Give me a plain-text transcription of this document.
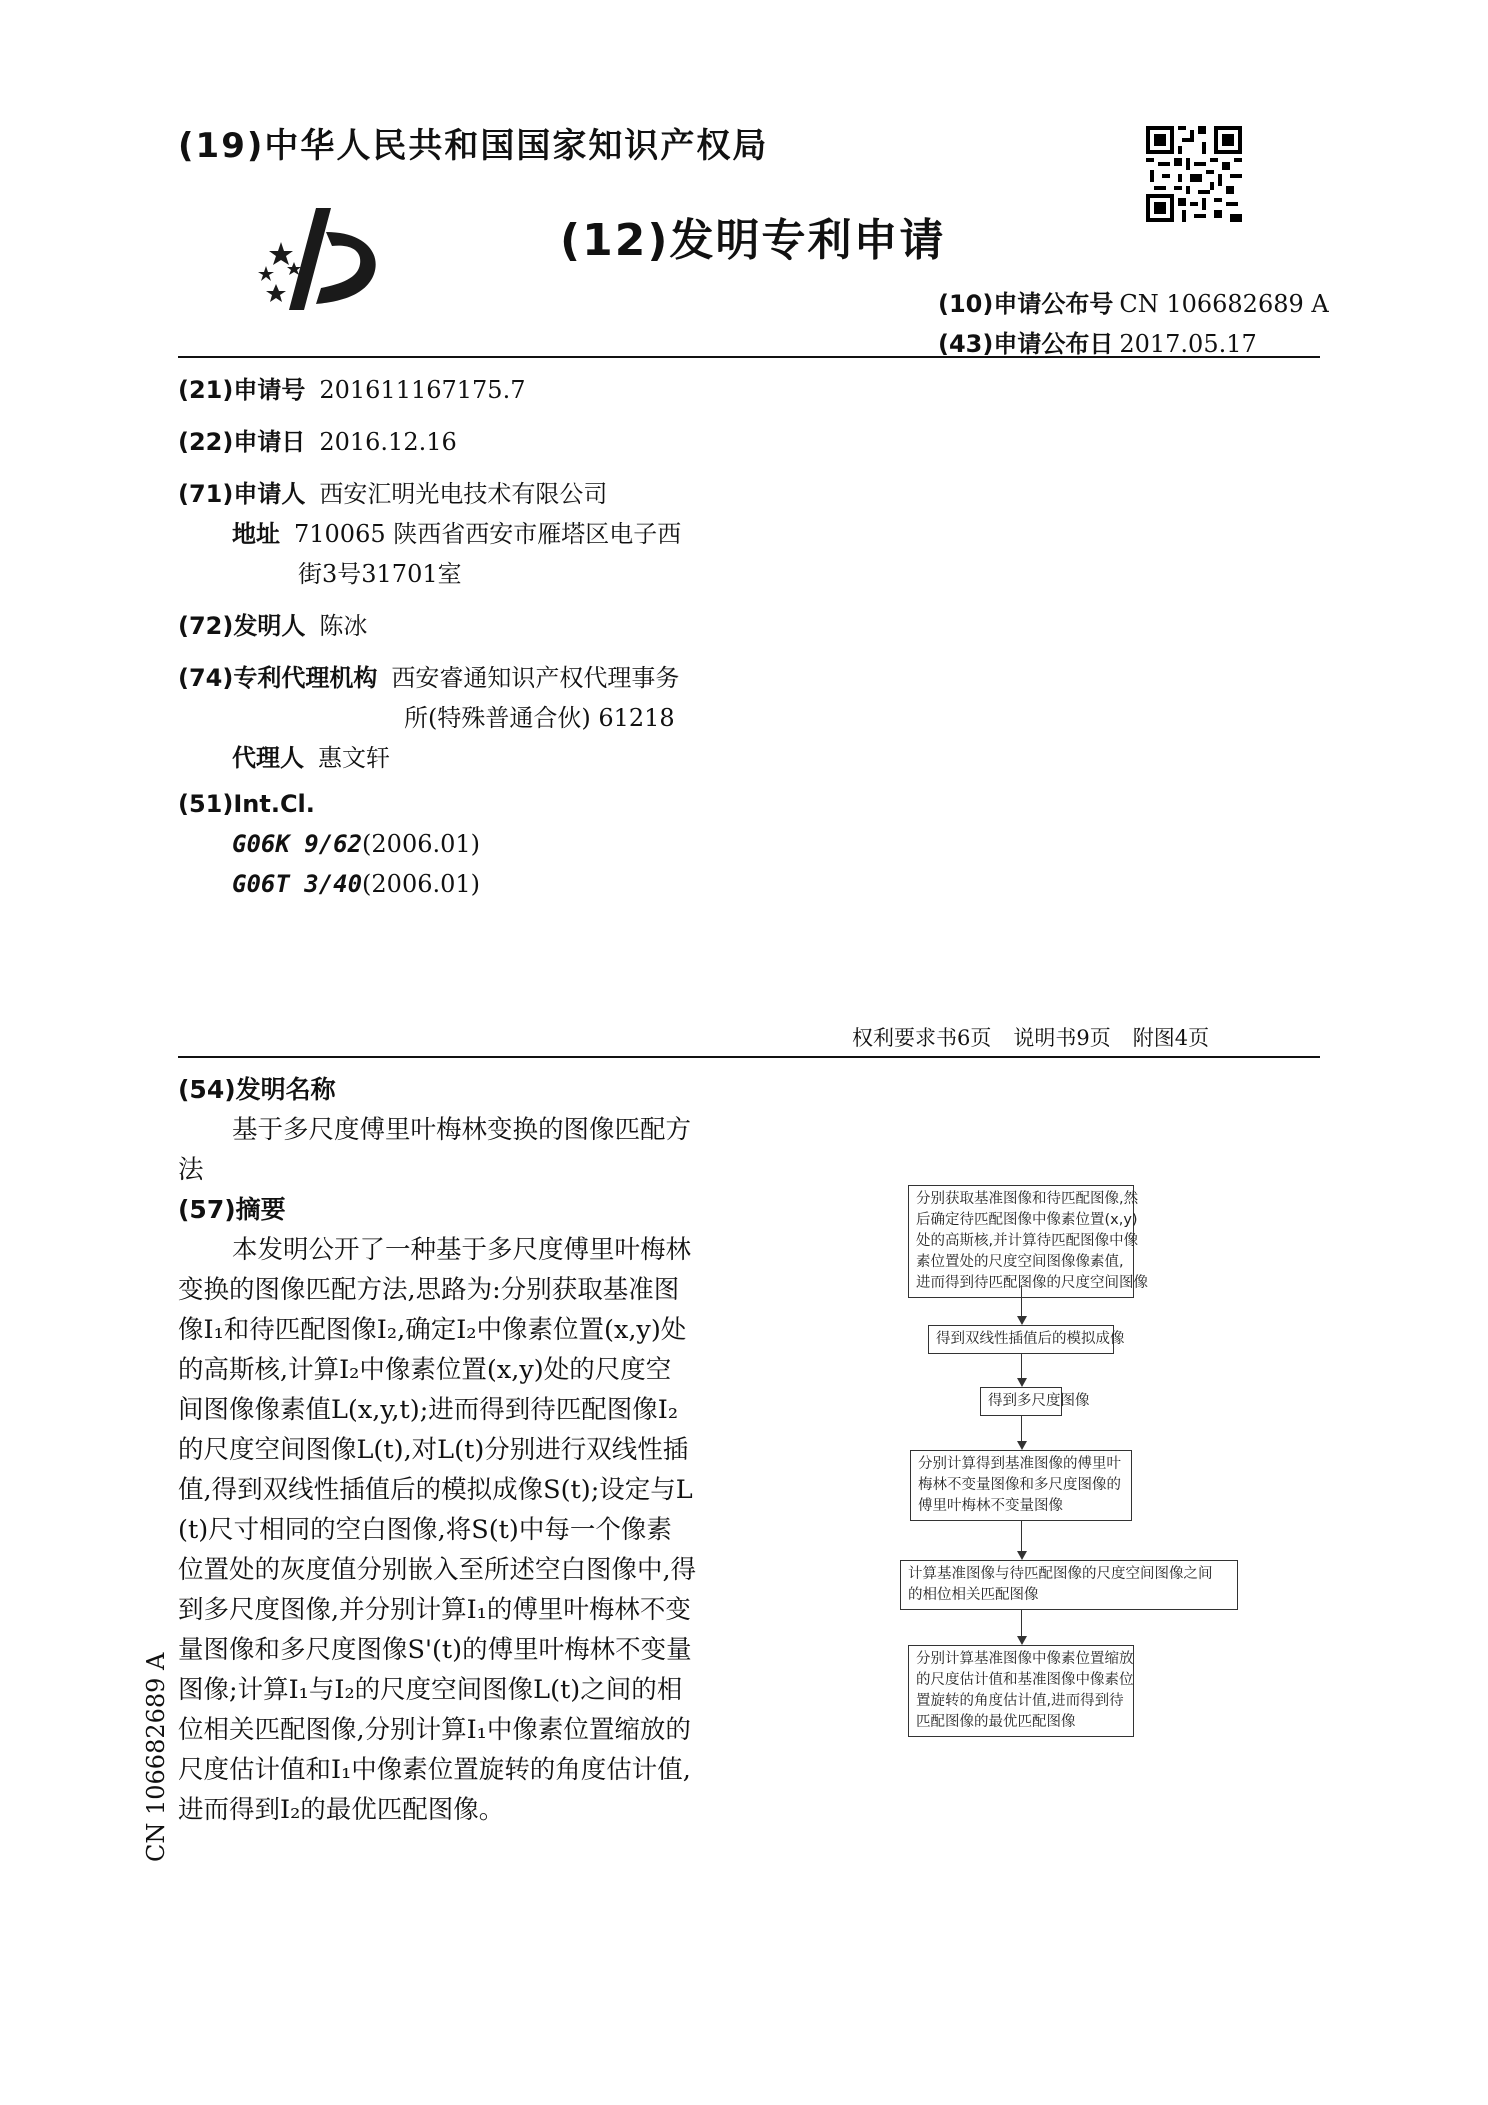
(19)中华人民共和国国家知识产权局
(12)发明专利申请
(10)申请公布号 CN 106682689 A
(43)申请公布日 2017.05.17
(21)申请号 201611167175.7
(22)申请日 2016.12.16
(71)申请人 西安汇明光电技术有限公司
地址 710065 陕西省西安市雁塔区电子西
街3号31701室
(72)发明人 陈冰
(74)专利代理机构 西安睿通知识产权代理事务
所(特殊普通合伙) 61218
代理人 惠文轩
(51)Int.Cl.
G06K 9/62(2006.01)
G06T 3/40(2006.01)
权利要求书6页 说明书9页 附图4页
(54)发明名称
基于多尺度傅里叶梅林变换的图像匹配方
法
(57)摘要
本发明公开了一种基于多尺度傅里叶梅林
变换的图像匹配方法,思路为:分别获取基准图
像I₁和待匹配图像I₂,确定I₂中像素位置(x,y)处
的高斯核,计算I₂中像素位置(x,y)处的尺度空
间图像像素值L(x,y,t);进而得到待匹配图像I₂
的尺度空间图像L(t),对L(t)分别进行双线性插
值,得到双线性插值后的模拟成像S(t);设定与L
(t)尺寸相同的空白图像,将S(t)中每一个像素
位置处的灰度值分别嵌入至所述空白图像中,得
到多尺度图像,并分别计算I₁的傅里叶梅林不变
量图像和多尺度图像S'(t)的傅里叶梅林不变量
图像;计算I₁与I₂的尺度空间图像L(t)之间的相
位相关匹配图像,分别计算I₁中像素位置缩放的
尺度估计值和I₁中像素位置旋转的角度估计值,
进而得到I₂的最优匹配图像。
CN 106682689 A
分别获取基准图像和待匹配图像,然
后确定待匹配图像中像素位置(x,y)
处的高斯核,并计算待匹配图像中像
素位置处的尺度空间图像像素值,
进而得到待匹配图像的尺度空间图像
得到双线性插值后的模拟成像
得到多尺度图像
分别计算得到基准图像的傅里叶
梅林不变量图像和多尺度图像的
傅里叶梅林不变量图像
计算基准图像与待匹配图像的尺度空间图像之间
的相位相关匹配图像
分别计算基准图像中像素位置缩放
的尺度估计值和基准图像中像素位
置旋转的角度估计值,进而得到待
匹配图像的最优匹配图像
